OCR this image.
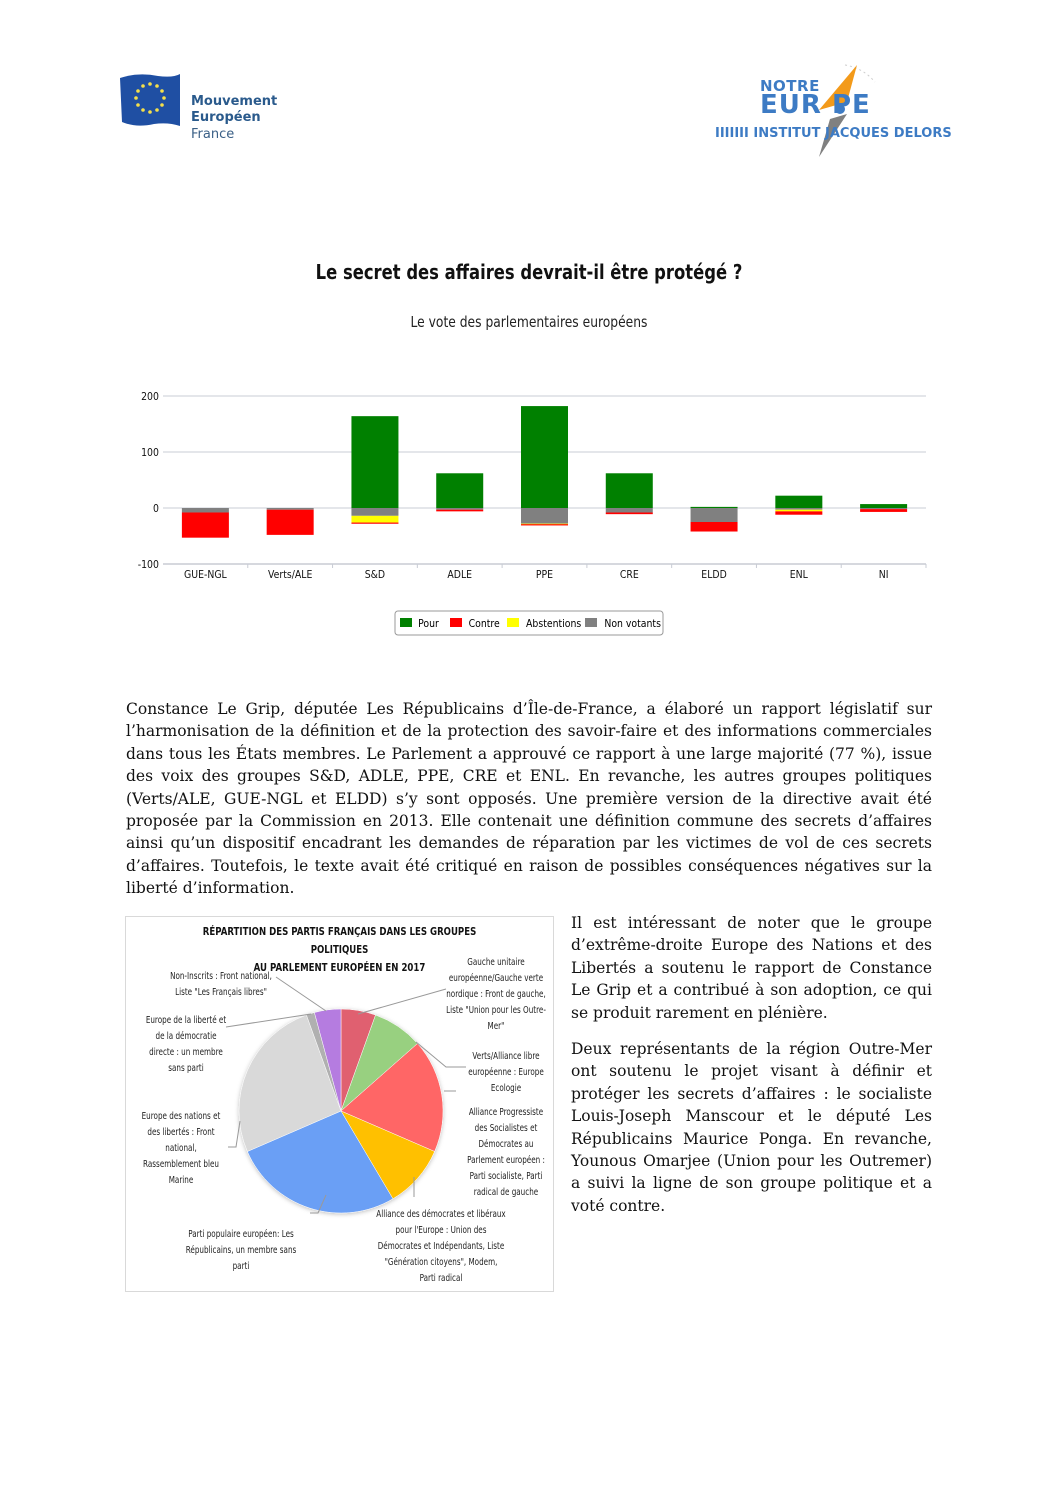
Mouvement
Européen
France
NOTRE
EUR PE
IIIIIII INSTITUT JACQUES DELORS
Le secret des affaires devrait-il être protégé ?
Le vote des parlementaires européens
200
100
0
-100
GUE-NGL	Verts/ALE	S&D	ADLE	PPE	CRE	ELDD	ENL	NI
Pour	Contre Abstentions Non votants

Constance Le Grip, députée Les Républicains d’Île-de-France, a élaboré un rapport législatif sur l’harmonisation de la définition et de la protection des savoir-faire et des informations commerciales dans tous les États membres. Le Parlement a approuvé ce rapport à une large majorité (77 %), issue des voix des groupes S&D, ADLE, PPE, CRE et ENL. En revanche, les autres groupes politiques (Verts/ALE, GUE-NGL et ELDD) s’y sont opposés. Une première version de la directive avait été proposée par la Commission en 2013. Elle contenait une définition commune des secrets d’affaires ainsi qu’un dispositif encadrant les demandes de réparation par les victimes de vol de ces secrets d’affaires. Toutefois, le texte avait été critiqué en raison de possibles conséquences négatives sur la liberté d’information.

RÉPARTITION DES PARTIS FRANÇAIS DANS LES GROUPES POLITIQUES
AU PARLEMENT EUROPÉEN EN 2017	Gauche unitaire européenne/Gauche verte nordique : Front de gauche, Liste "Union pour les Outre-Mer"
Verts/Alliance libre européenne : Europe Ecologie
Alliance Progressiste des Socialistes et Démocrates au Parlement européen : Parti socialiste, Parti radical de gauche
Alliance des démocrates et libéraux pour l'Europe : Union des Démocrates et Indépendants, Liste "Génération citoyens", Modem, Parti radical
Parti populaire européen: Les Républicains, un membre sans parti
Europe des nations et des libertés : Front national, Rassemblement bleu Marine
Europe de la liberté et de la démocratie directe : un membre sans parti
Non-Inscrits : Front national, Liste "Les Français libres"

Il est intéressant de noter que le groupe d’extrême-droite Europe des Nations et des Libertés a soutenu le rapport de Constance Le Grip et a contribué à son adoption, ce qui se produit rarement en plénière.

Deux représentants de la région Outre-Mer ont soutenu le projet visant à définir et protéger les secrets d’affaires : le socialiste Louis-Joseph Manscour et le député Les Républicains Maurice Ponga. En revanche, Younous Omarjee (Union pour les Outremer) a suivi la ligne de son groupe politique et a voté contre.
